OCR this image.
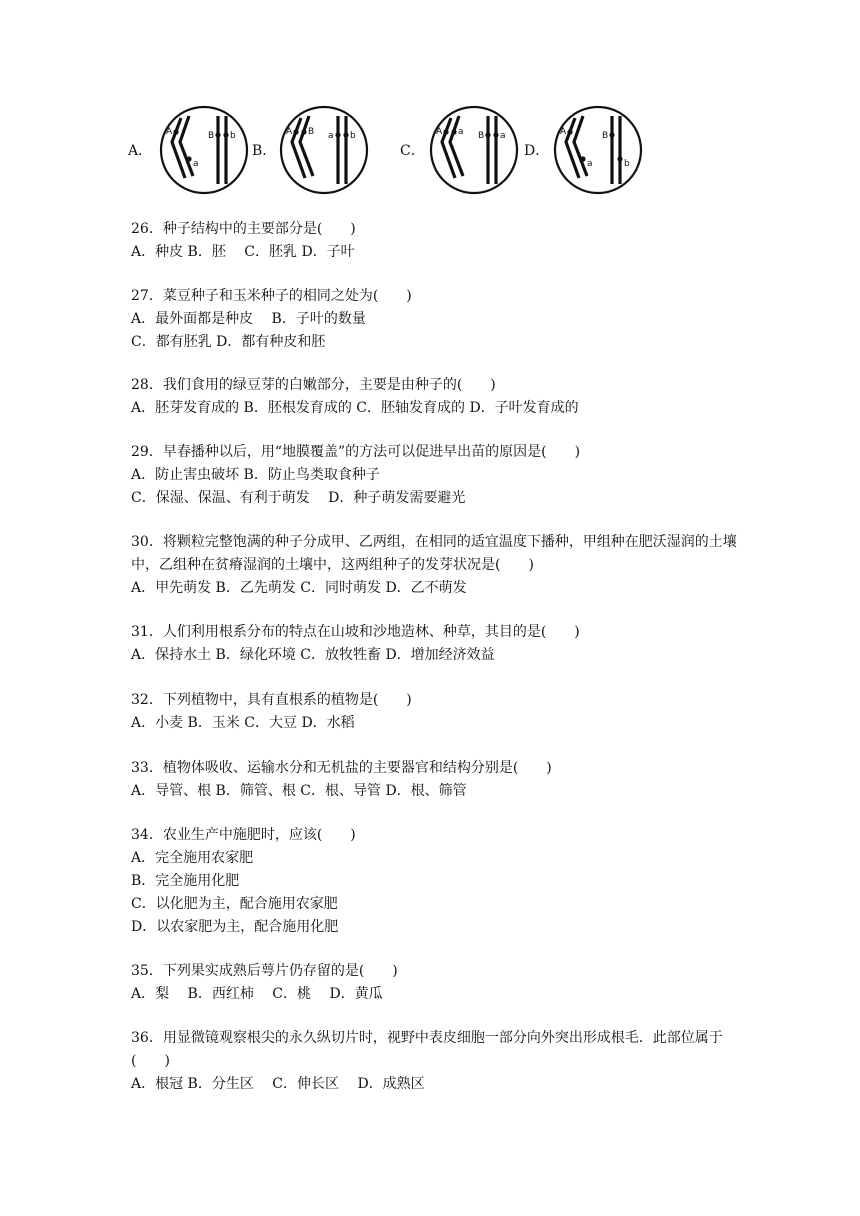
A．
A
a
B b
B．
A B a b
C．
A a B a
D．
A
a
B
b

26．种子结构中的主要部分是(　　)

A．种皮 B．胚　 C．胚乳 D．子叶

27．菜豆种子和玉米种子的相同之处为(　　)

A．最外面都是种皮　 B．子叶的数量

C．都有胚乳 D．都有种皮和胚

28．我们食用的绿豆芽的白嫩部分，主要是由种子的(　　)

A．胚芽发育成的 B．胚根发育成的 C．胚轴发育成的 D．子叶发育成的

29．早春播种以后，用“地膜覆盖”的方法可以促进早出苗的原因是(　　)

A．防止害虫破坏 B．防止鸟类取食种子

C．保湿、保温、有利于萌发　 D．种子萌发需要避光

30．将颗粒完整饱满的种子分成甲、乙两组，在相同的适宜温度下播种，甲组种在肥沃湿润的土壤中，乙组种在贫瘠湿润的土壤中，这两组种子的发芽状况是(　　)

A．甲先萌发 B．乙先萌发 C．同时萌发 D．乙不萌发

31．人们利用根系分布的特点在山坡和沙地造林、种草，其目的是(　　)

A．保持水土 B．绿化环境 C．放牧牲畜 D．增加经济效益

32．下列植物中，具有直根系的植物是(　　)

A．小麦 B．玉米 C．大豆 D．水稻

33．植物体吸收、运输水分和无机盐的主要器官和结构分别是(　　)

A．导管、根 B．筛管、根 C．根、导管 D．根、筛管

34．农业生产中施肥时，应该(　　)

A．完全施用农家肥

B．完全施用化肥

C．以化肥为主，配合施用农家肥

D．以农家肥为主，配合施用化肥

35．下列果实成熟后萼片仍存留的是(　　)

A．梨　 B．西红柿　 C．桃　 D．黄瓜

36．用显微镜观察根尖的永久纵切片时，视野中表皮细胞一部分向外突出形成根毛．此部位属于(　　)

A．根冠 B．分生区　 C．伸长区　 D．成熟区
